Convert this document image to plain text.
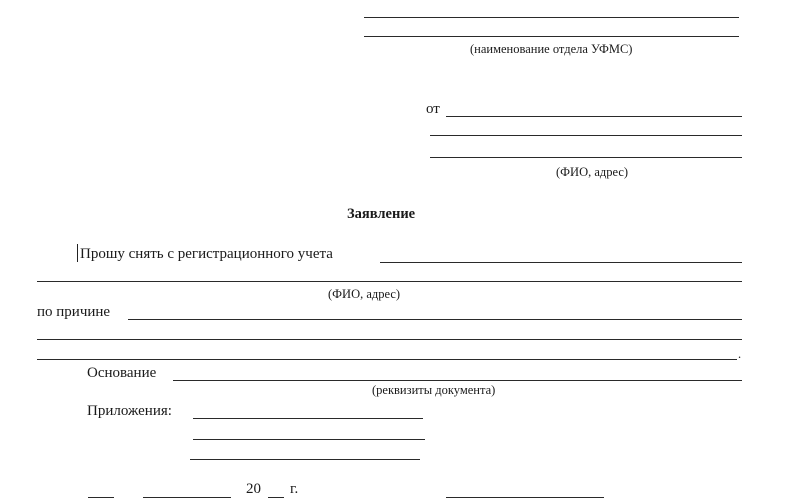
(наименование отдела УФМС)
от
(ФИО, адрес)
Заявление
Прошу снять с регистрационного учета
(ФИО, адрес)
по причине
.
Основание
(реквизиты документа)
Приложения:
20 г.
